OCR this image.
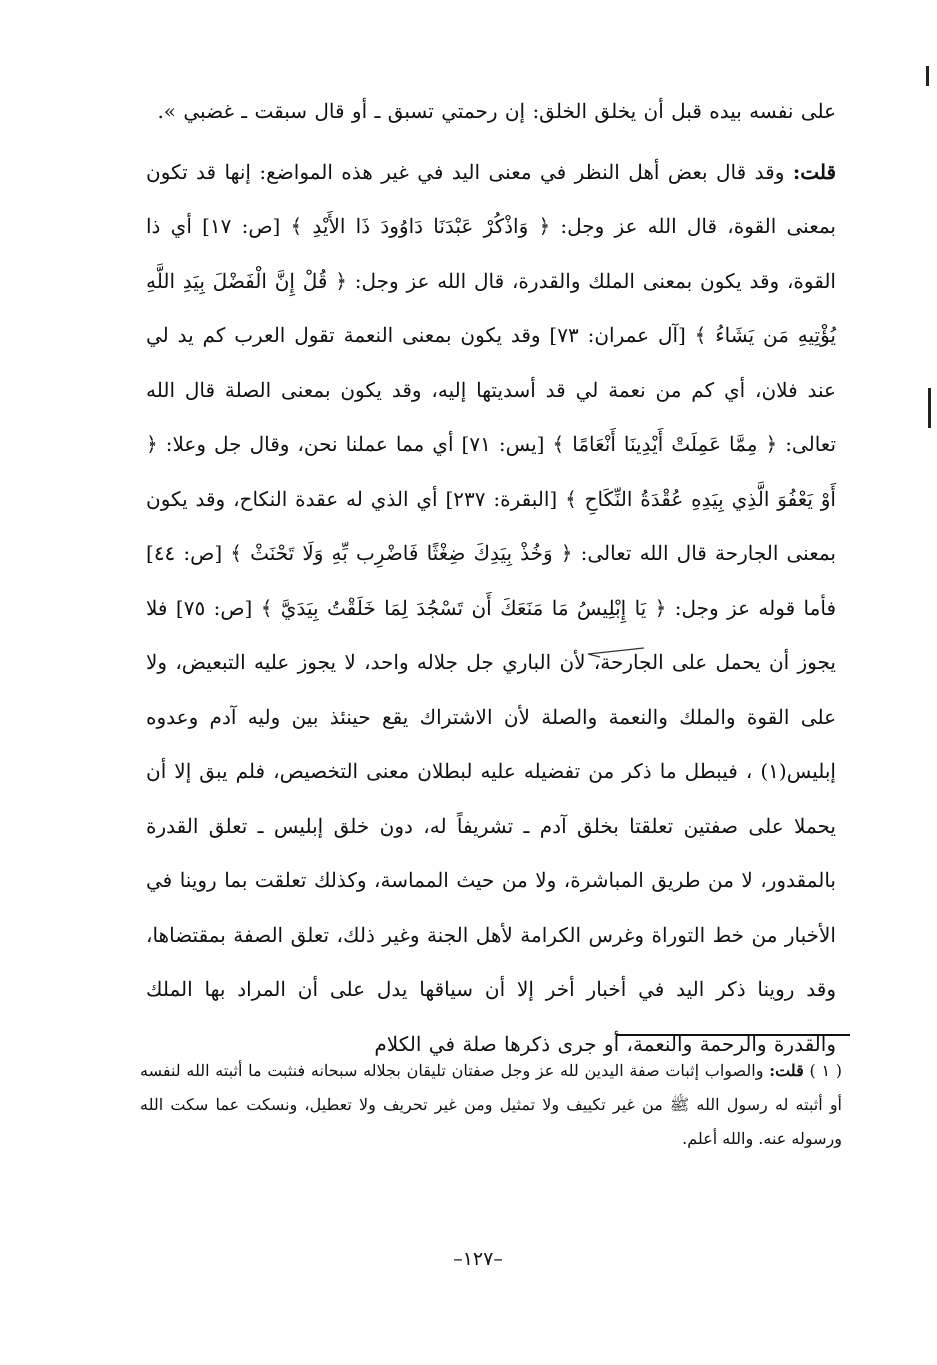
على نفسه بيده قبل أن يخلق الخلق: إن رحمتي تسبق ـ أو قال سبقت ـ غضبي ».

قلت: وقد قال بعض أهل النظر في معنى اليد في غير هذه المواضع: إنها قد تكون بمعنى القوة، قال الله عز وجل: ﴿ وَاذْكُرْ عَبْدَنَا دَاوُودَ ذَا الأَيْدِ ﴾ [ص: ١٧] أي ذا القوة، وقد يكون بمعنى الملك والقدرة، قال الله عز وجل: ﴿ قُلْ إِنَّ الْفَضْلَ بِيَدِ اللَّهِ يُؤْتِيهِ مَن يَشَاءُ ﴾ [آل عمران: ٧٣] وقد يكون بمعنى النعمة تقول العرب كم يد لي عند فلان، أي كم من نعمة لي قد أسديتها إليه، وقد يكون بمعنى الصلة قال الله تعالى: ﴿ مِمَّا عَمِلَتْ أَيْدِينَا أَنْعَامًا ﴾ [يس: ٧١] أي مما عملنا نحن، وقال جل وعلا: ﴿ أَوْ يَعْفُوَ الَّذِي بِيَدِهِ عُقْدَةُ النِّكَاحِ ﴾ [البقرة: ٢٣٧] أي الذي له عقدة النكاح، وقد يكون بمعنى الجارحة قال الله تعالى: ﴿ وَخُذْ بِيَدِكَ ضِغْثًا فَاضْرِب بِّهِ وَلَا تَحْنَثْ ﴾ [ص: ٤٤] فأما قوله عز وجل: ﴿ يَا إِبْلِيسُ مَا مَنَعَكَ أَن تَسْجُدَ لِمَا خَلَقْتُ بِيَدَيَّ ﴾ [ص: ٧٥] فلا يجوز أن يحمل على الجارحة، لأن الباري جل جلاله واحد، لا يجوز عليه التبعيض، ولا على القوة والملك والنعمة والصلة لأن الاشتراك يقع حينئذ بين وليه آدم وعدوه إبليس(١) ، فيبطل ما ذكر من تفضيله عليه لبطلان معنى التخصيص، فلم يبق إلا أن يحملا على صفتين تعلقتا بخلق آدم ـ تشريفاً له، دون خلق إبليس ـ تعلق القدرة بالمقدور، لا من طريق المباشرة، ولا من حيث المماسة، وكذلك تعلقت بما روينا في الأخبار من خط التوراة وغرس الكرامة لأهل الجنة وغير ذلك، تعلق الصفة بمقتضاها، وقد روينا ذكر اليد في أخبار أخر إلا أن سياقها يدل على أن المراد بها الملك والقدرة والرحمة والنعمة، أو جرى ذكرها صلة في الكلام

( ١ ) قلت: والصواب إثبات صفة اليدين لله عز وجل صفتان تليقان بجلاله سبحانه فنثبت ما أثبته الله لنفسه أو أثبته له رسول الله ﷺ من غير تكييف ولا تمثيل ومن غير تحريف ولا تعطيل، ونسكت عما سكت الله ورسوله عنه. والله أعلم.
–١٢٧–
